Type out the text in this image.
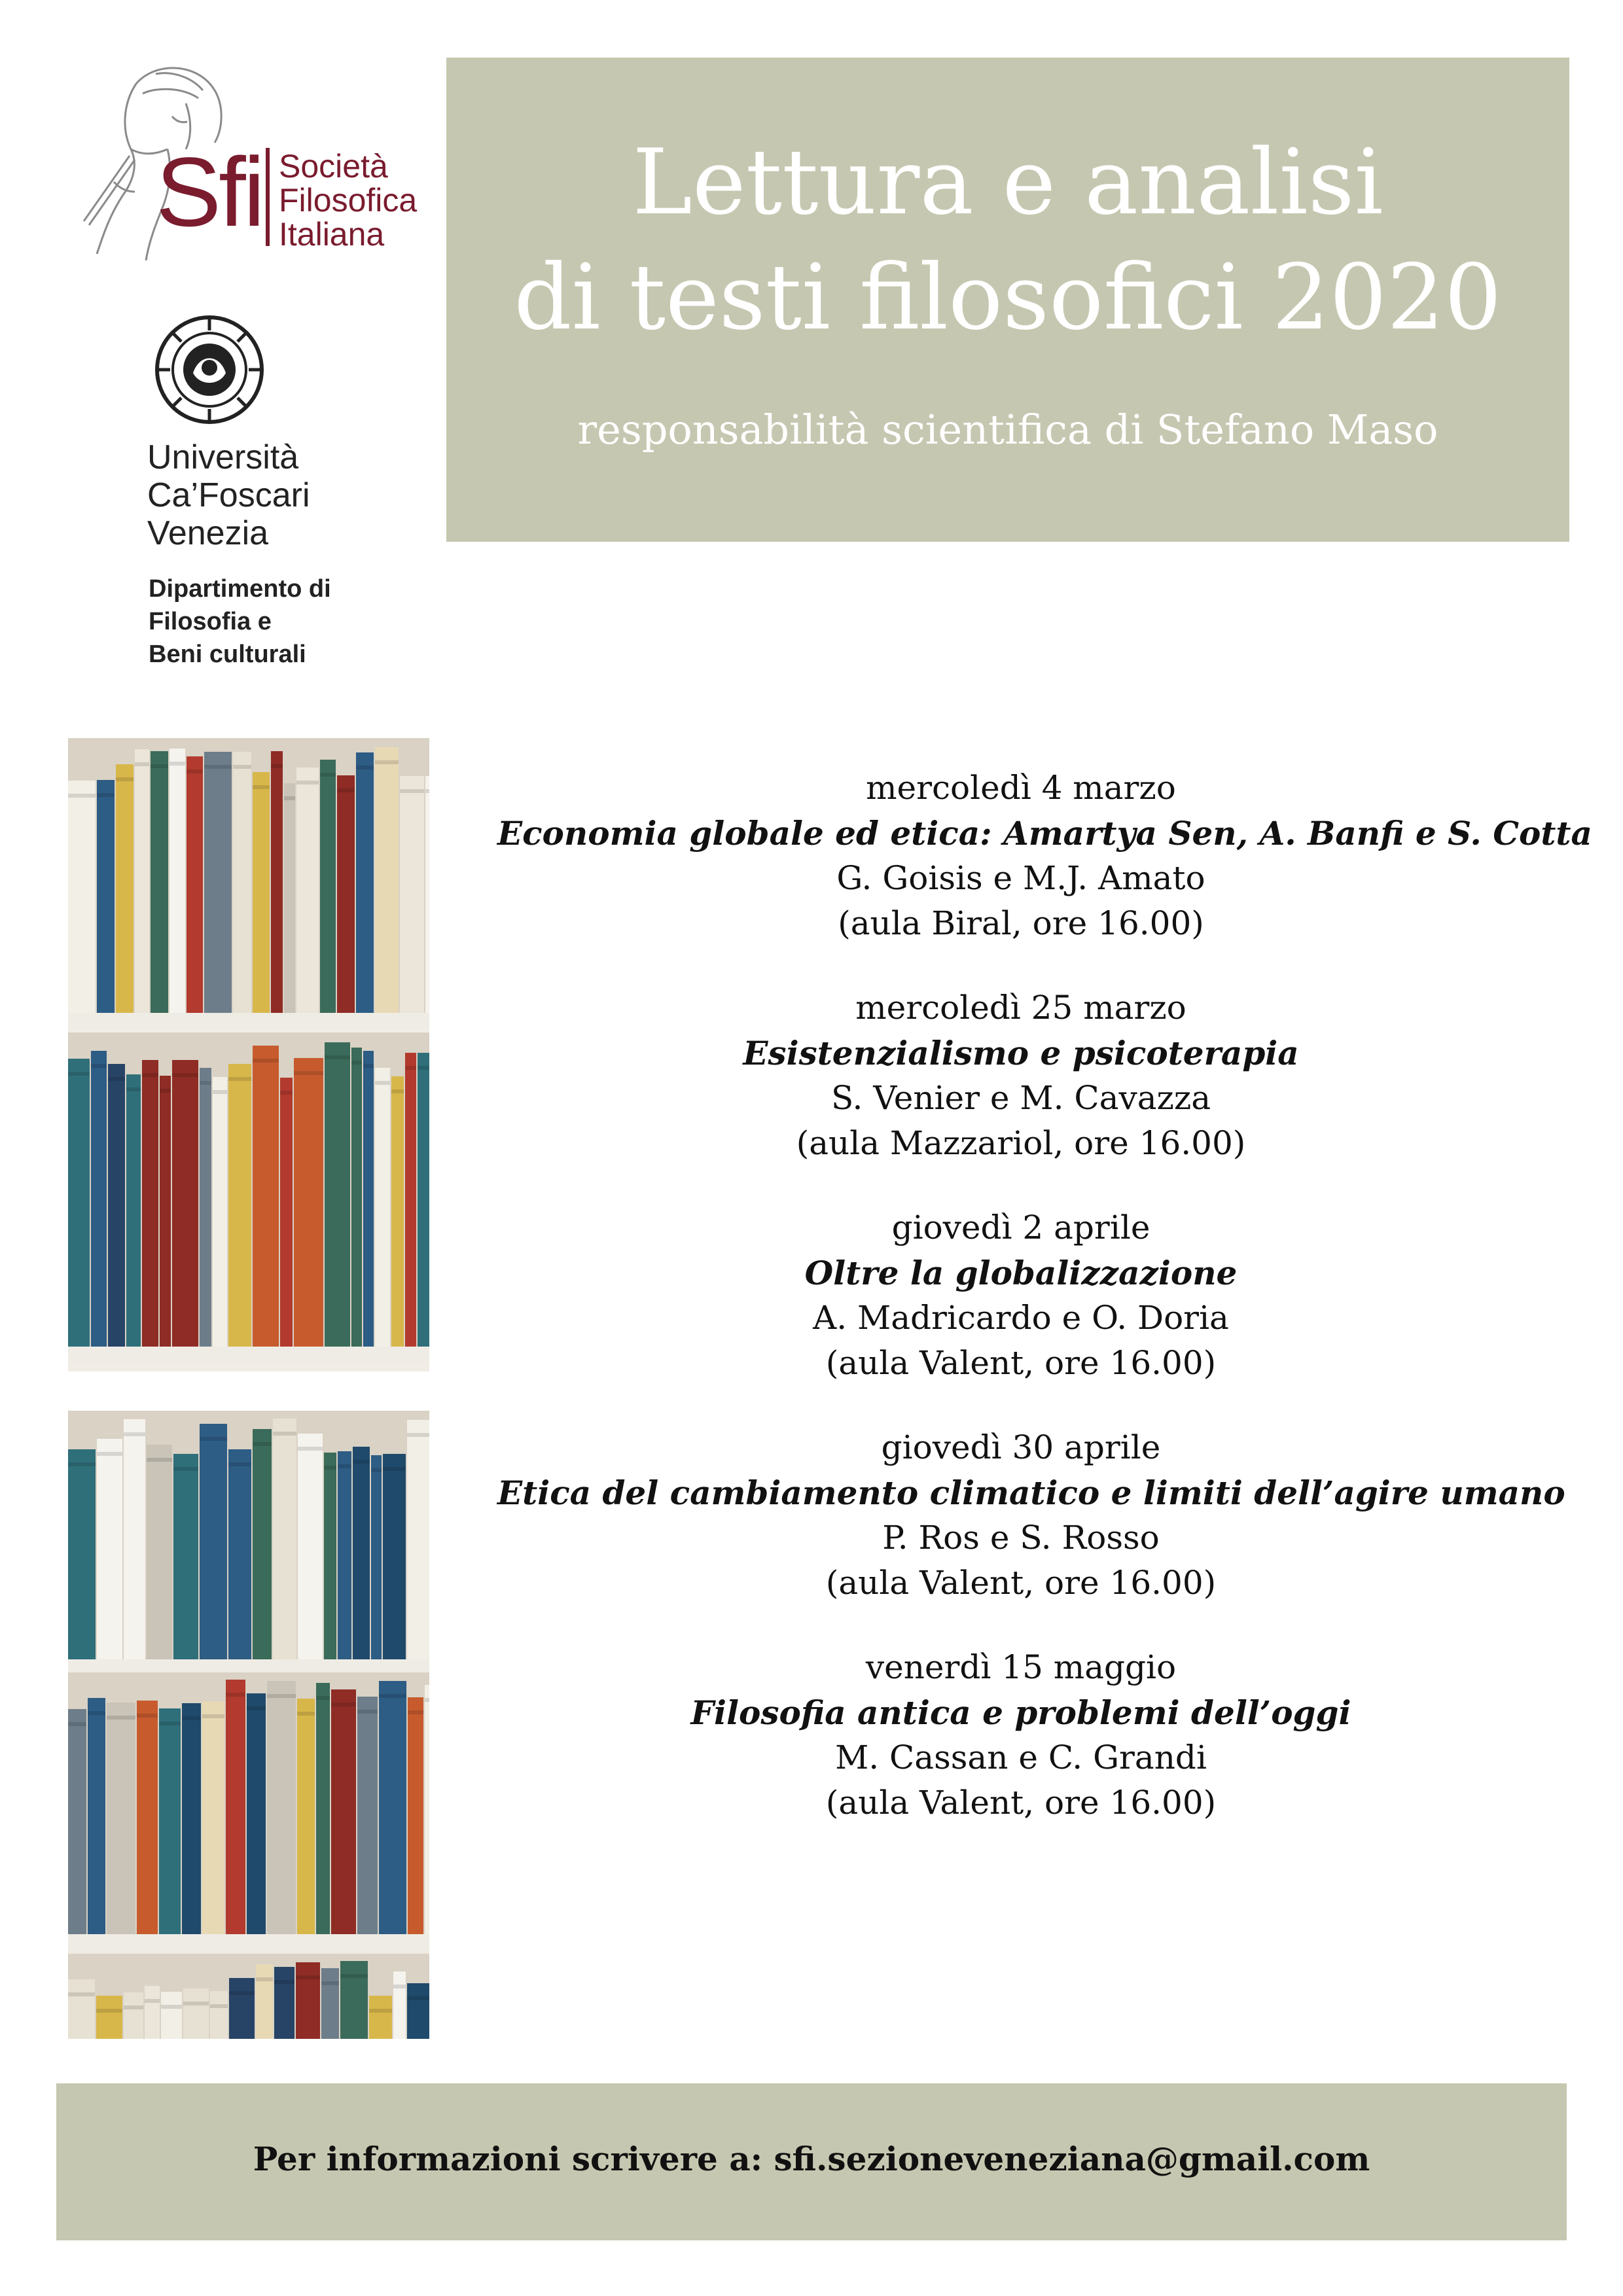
Sfi Società
Filosofica
Italiana
Università
Ca’Foscari
Venezia
Dipartimento di
Filosofia e
Beni culturali
Lettura e analisi
di testi filosofici 2020
responsabilità scientifica di Stefano Maso
mercoledì 4 marzo
Economia globale ed etica: Amartya Sen, A. Banfi e S. Cotta
G. Goisis e M.J. Amato
(aula Biral, ore 16.00)
mercoledì 25 marzo
Esistenzialismo e psicoterapia
S. Venier e M. Cavazza
(aula Mazzariol, ore 16.00)
giovedì 2 aprile
Oltre la globalizzazione
A. Madricardo e O. Doria
(aula Valent, ore 16.00)
giovedì 30 aprile
Etica del cambiamento climatico e limiti dell’agire umano
P. Ros e S. Rosso
(aula Valent, ore 16.00)
venerdì 15 maggio
Filosofia antica e problemi dell’oggi
M. Cassan e C. Grandi
(aula Valent, ore 16.00)
Per informazioni scrivere a: sfi.sezioneveneziana@gmail.com
